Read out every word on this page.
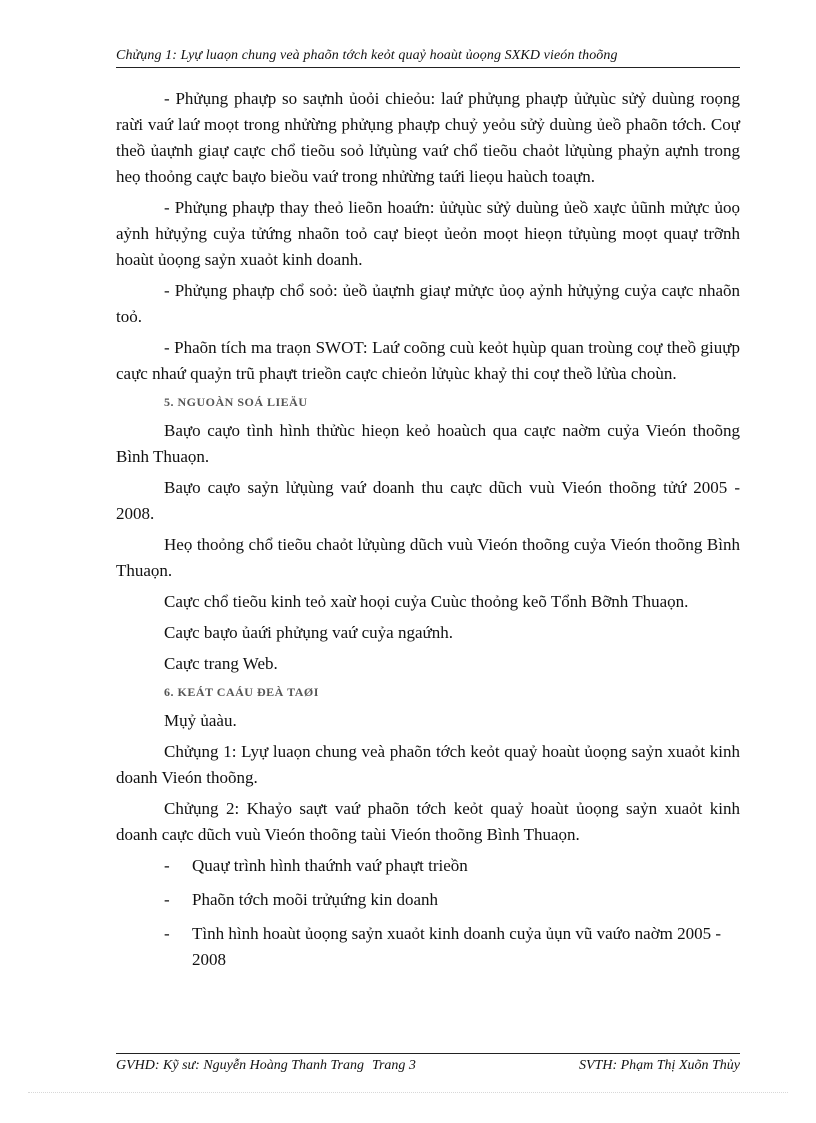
Chửụng 1: Lyự luaọn chung veà phaõn tớch keỏt quaỷ hoaùt ủoọng SXKD vieón thoõng

- Phửụng phaựp so saựnh ủoỏi chieỏu: laứ phửụng phaựp ủửụùc sửỷ duùng roọng raừi vaứ laứ moọt trong nhửừng phửụng phaựp chuỷ yeỏu sửỷ duùng ủeồ phaõn tớch. Coự theồ ủaựnh giaự caực chổ tieõu soỏ lửụùng vaứ chổ tieõu chaỏt lửụùng phaỷn aựnh trong heọ thoỏng caực baựo bieồu vaứ trong nhửừng taứi lieọu haùch toaựn.

- Phửụng phaựp thay theỏ lieõn hoaứn: ủửụùc sửỷ duùng ủeồ xaực ủũnh mửực ủoọ aỷnh hửụỷng cuỷa tửứng nhaõn toỏ caự bieọt ủeỏn moọt hieọn tửụùng moọt quaự trỡnh hoaùt ủoọng saỷn xuaỏt kinh doanh.

- Phửụng phaựp chổ soỏ: ủeồ ủaựnh giaự mửực ủoọ aỷnh hửụỷng cuỷa caực nhaõn toỏ.

- Phaõn tích ma traọn SWOT: Laứ coõng cuù keỏt hụùp quan troùng coự theồ giuựp caực nhaứ quaỷn trũ phaựt trieồn caực chieỏn lửụùc khaỷ thi coự theồ lửùa choùn.

5. NGUOÀN SOÁ LIEÄU

Baựo caựo tình hình thửùc hieọn keỏ hoaùch qua caực naờm cuỷa Vieón thoõng Bình Thuaọn.

Baựo caựo saỷn lửụùng vaứ doanh thu caực dũch vuù Vieón thoõng tửứ 2005 - 2008.

Heọ thoỏng chổ tieõu chaỏt lửụùng dũch vuù Vieón thoõng cuỷa Vieón thoõng Bình Thuaọn.

Caực chổ tieõu kinh teỏ xaừ hoọi cuỷa Cuùc thoỏng keõ Tổnh Bỡnh Thuaọn.

Caực baựo ủaứi phửụng vaứ cuỷa ngaứnh.

Caực trang Web.

6. KEÁT CAÁU ĐEÀ TAØI

Mụỷ ủaàu.

Chửụng 1: Lyự luaọn chung veà phaõn tớch keỏt quaỷ hoaùt ủoọng saỷn xuaỏt kinh doanh Vieón thoõng.

Chửụng 2: Khaỷo saựt vaứ phaõn tớch keỏt quaỷ hoaùt ủoọng saỷn xuaỏt kinh doanh caực dũch vuù Vieón thoõng taùi Vieón thoõng Bình Thuaọn.

-	Quaự trình hình thaứnh vaứ phaựt trieồn
-	Phaõn tớch moõi trửụứng kin doanh
-	Tình hình hoaùt ủoọng saỷn xuaỏt kinh doanh cuỷa ủụn vũ vaứo naờm 2005 - 2008
GVHD: Kỹ sư: Nguyễn Hoàng Thanh Trang Trang 3	SVTH: Phạm Thị Xuõn Thủy
